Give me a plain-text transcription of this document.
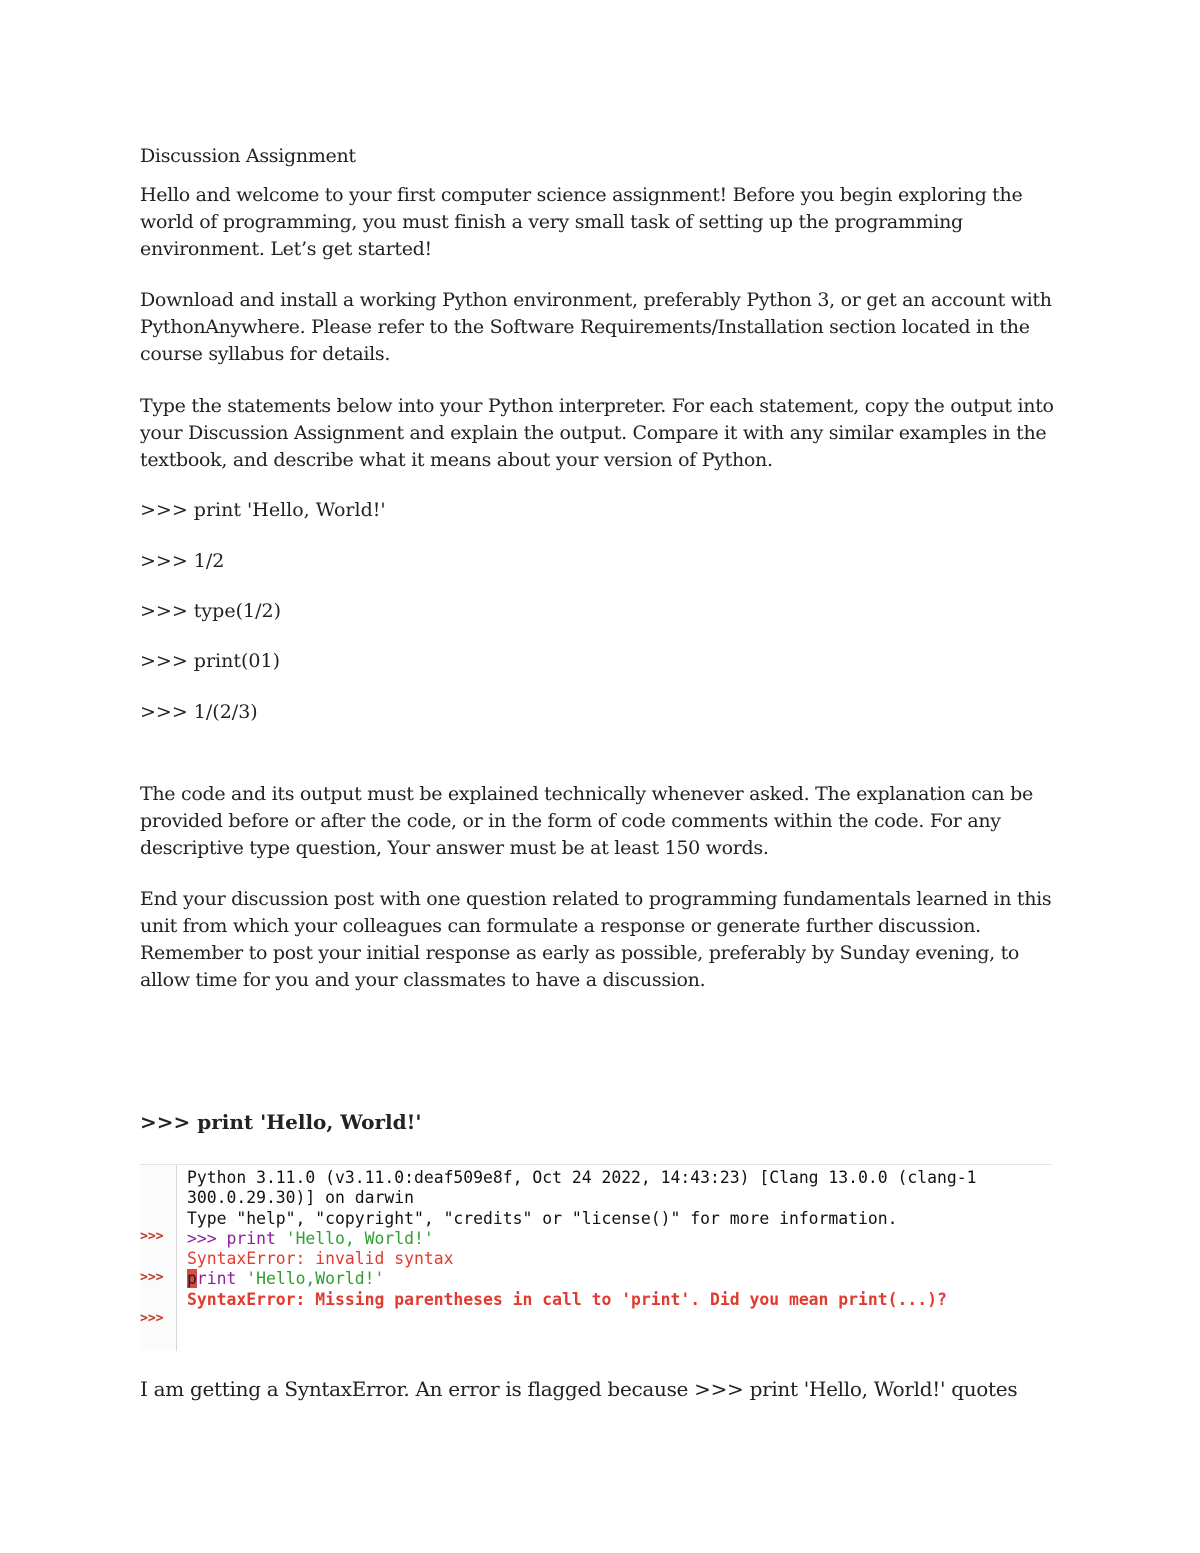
Discussion Assignment

Hello and welcome to your first computer science assignment! Before you begin exploring the world of programming, you must finish a very small task of setting up the programming environment. Let’s get started!

Download and install a working Python environment, preferably Python 3, or get an account with PythonAnywhere. Please refer to the Software Requirements/Installation section located in the course syllabus for details.

Type the statements below into your Python interpreter. For each statement, copy the output into your Discussion Assignment and explain the output. Compare it with any similar examples in the textbook, and describe what it means about your version of Python.

>>> print 'Hello, World!'

>>> 1/2

>>> type(1/2)

>>> print(01)

>>> 1/(2/3)

The code and its output must be explained technically whenever asked. The explanation can be provided before or after the code, or in the form of code comments within the code. For any descriptive type question, Your answer must be at least 150 words.

End your discussion post with one question related to programming fundamentals learned in this unit from which your colleagues can formulate a response or generate further discussion. Remember to post your initial response as early as possible, preferably by Sunday evening, to allow time for you and your classmates to have a discussion.

>>> print 'Hello, World!'

>>>
>>>
>>>
Python 3.11.0 (v3.11.0:deaf509e8f, Oct 24 2022, 14:43:23) [Clang 13.0.0 (clang-1
300.0.29.30)] on darwin
Type "help", "copyright", "credits" or "license()" for more information.
>>> print 'Hello, World!'
SyntaxError: invalid syntax
print 'Hello,World!'
SyntaxError: Missing parentheses in call to 'print'. Did you mean print(...)?

I am getting a SyntaxError. An error is flagged because >>> print 'Hello, World!' quotes
